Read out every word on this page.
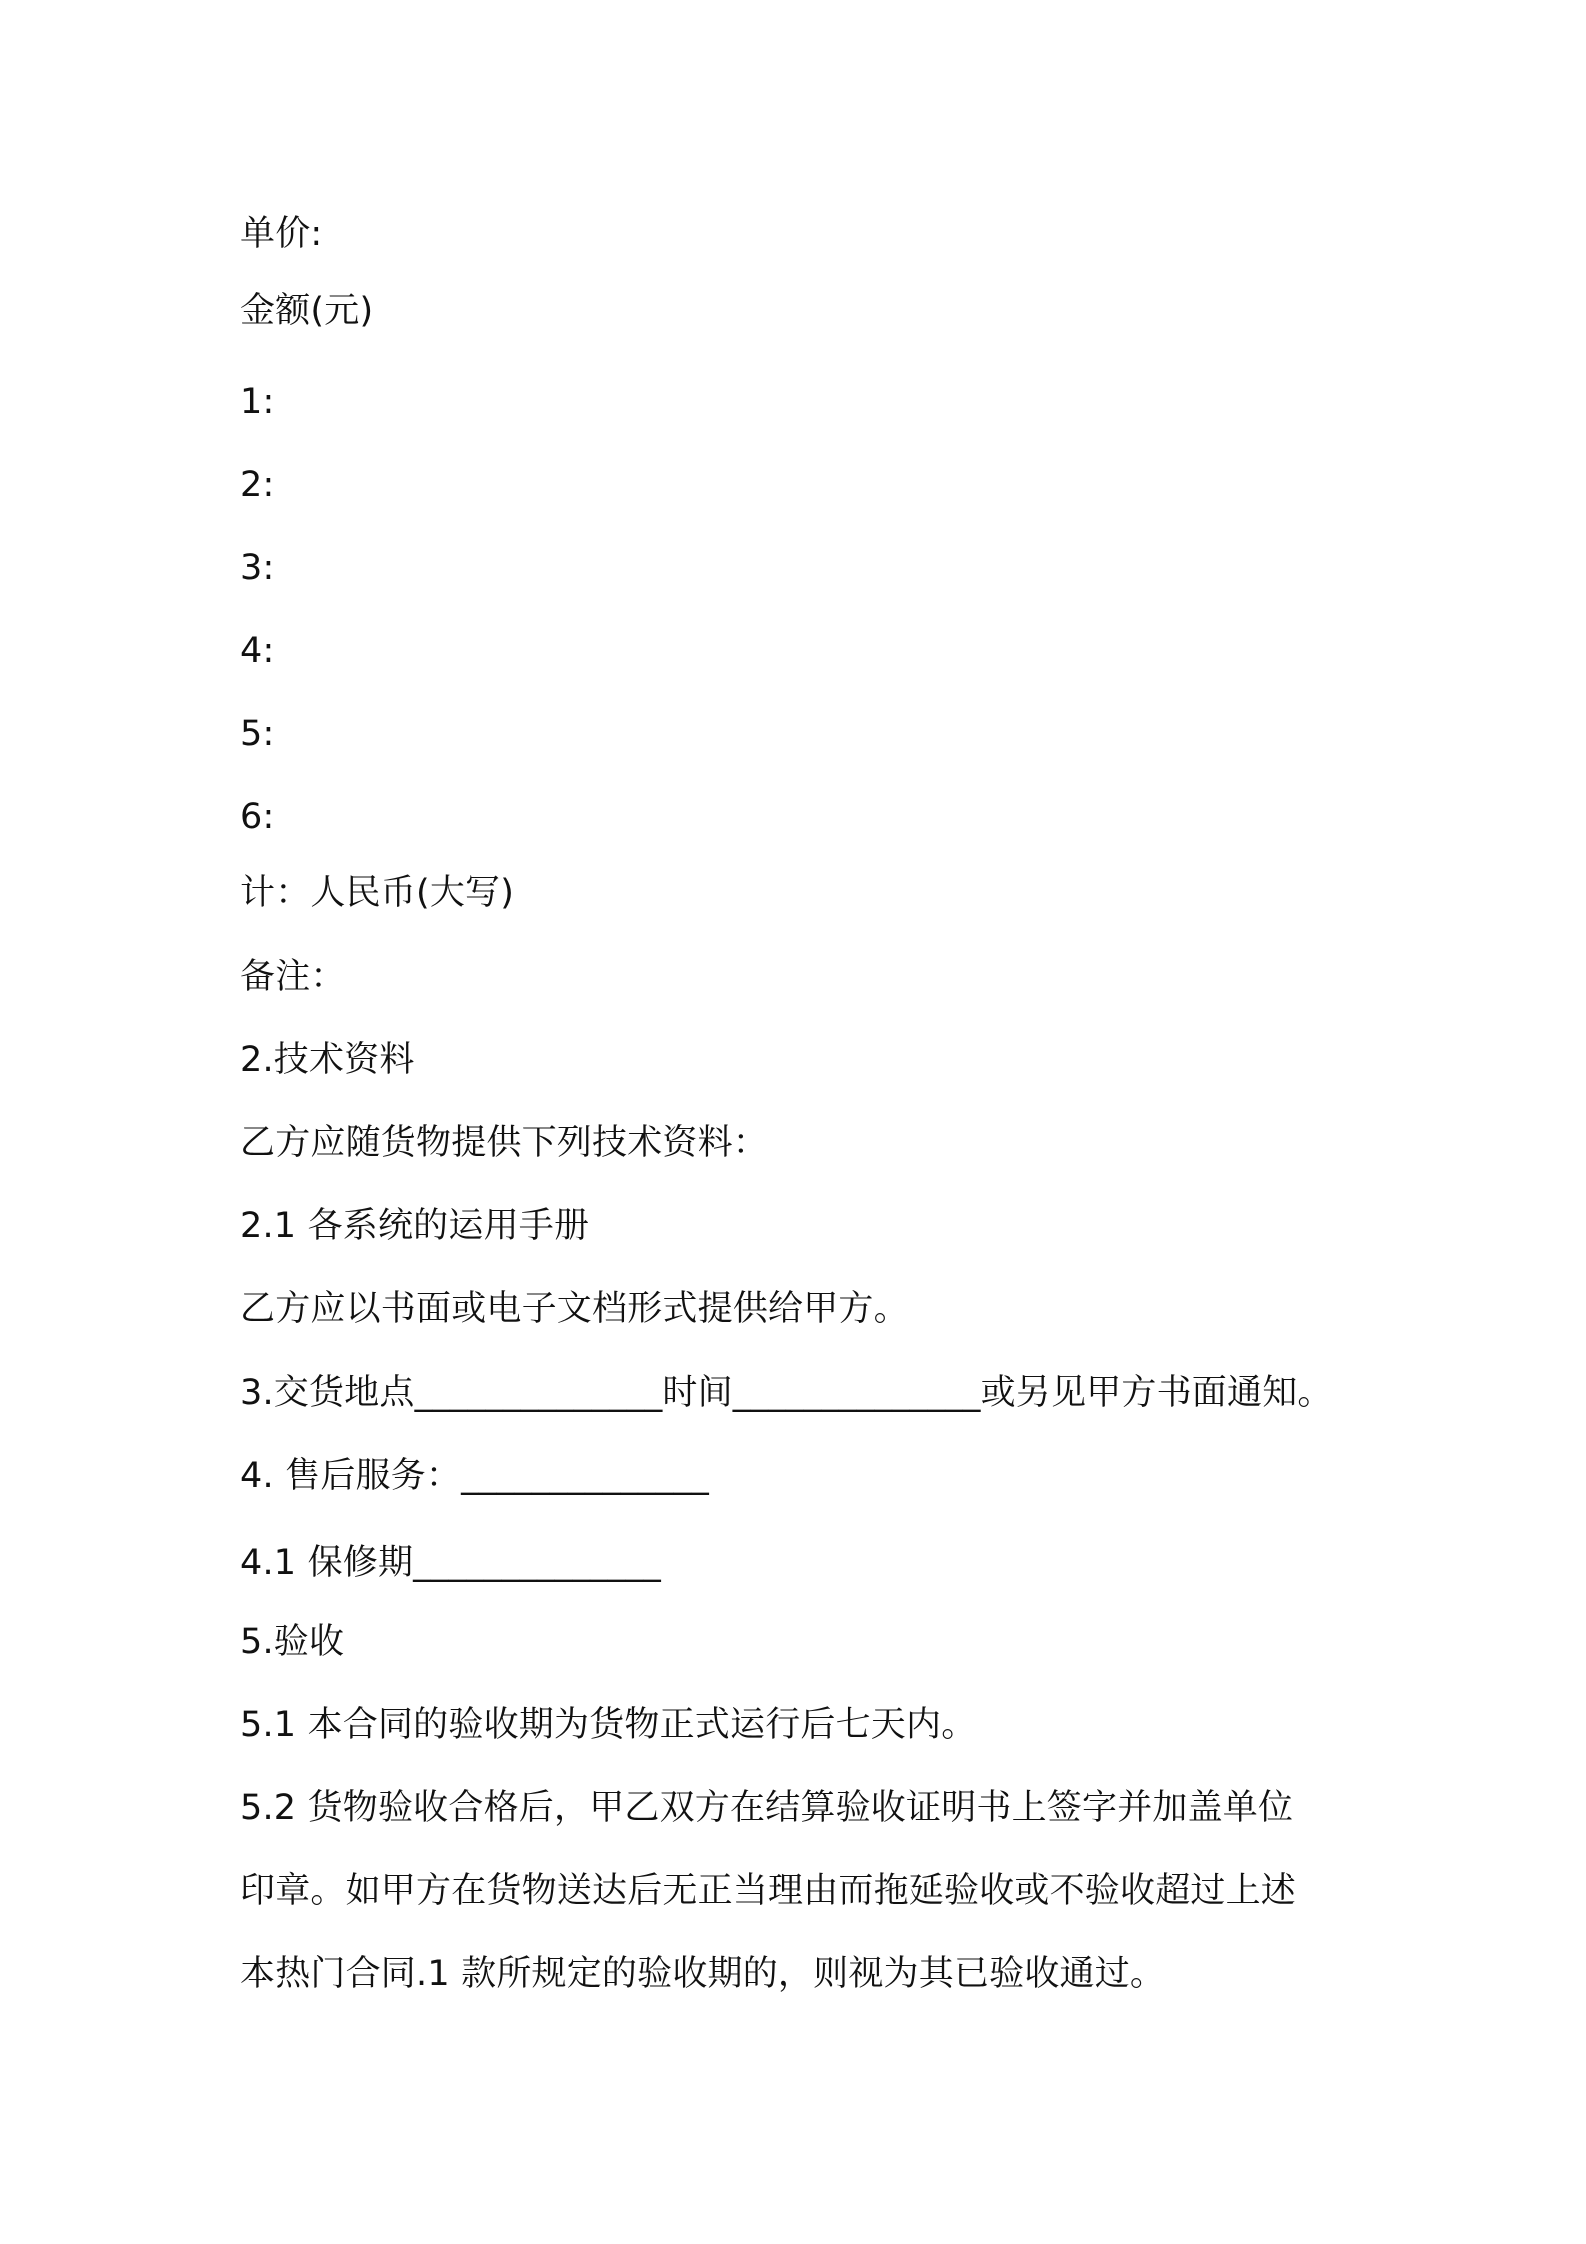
单价:
金额(元)
1:
2:
3:
4:
5:
6:
计：人民币(大写)
备注：
2.技术资料
乙方应随货物提供下列技术资料：
2.1 各系统的运用手册
乙方应以书面或电子文档形式提供给甲方。
3.交货地点______________时间______________或另见甲方书面通知。
4. 售后服务：______________
4.1 保修期______________
5.验收
5.1 本合同的验收期为货物正式运行后七天内。
5.2 货物验收合格后，甲乙双方在结算验收证明书上签字并加盖单位
印章。如甲方在货物送达后无正当理由而拖延验收或不验收超过上述
本热门合同.1 款所规定的验收期的，则视为其已验收通过。
